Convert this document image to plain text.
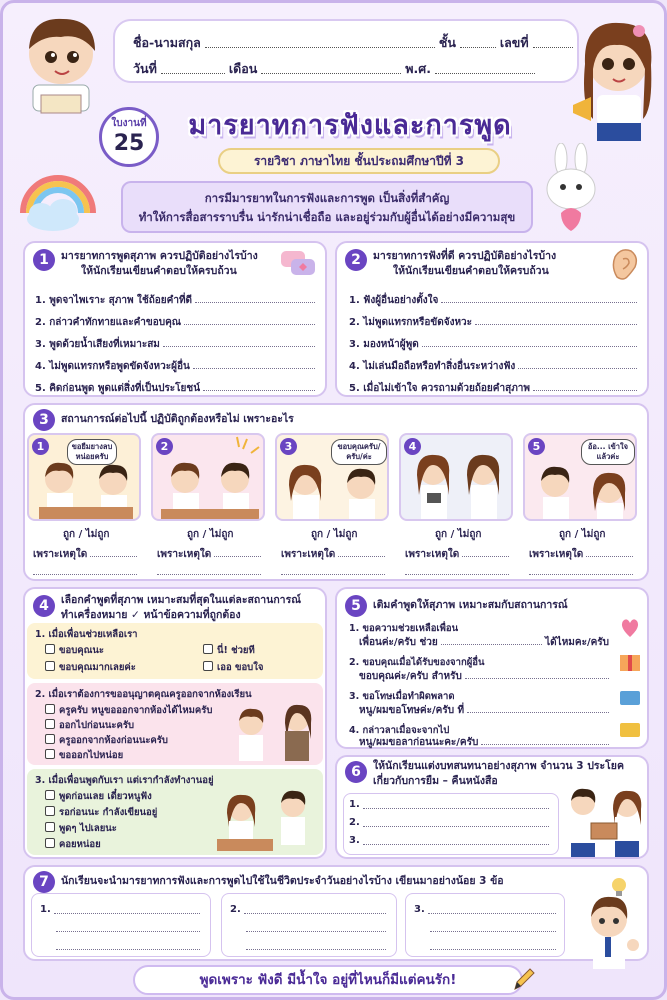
ชื่อ-นามสกุล	ชั้น	เลขที่
วันที่	เดือน	พ.ศ.
ใบงานที่
25
มารยาทการฟังและการพูด
รายวิชา ภาษาไทย ชั้นประถมศึกษาปีที่ 3
การมีมารยาทในการฟังและการพูด เป็นสิ่งที่สำคัญ
ทำให้การสื่อสารราบรื่น น่ารักน่าเชื่อถือ และอยู่ร่วมกับผู้อื่นได้อย่างมีความสุข
1	มารยาทการพูดสุภาพ ควรปฏิบัติอย่างไรบ้าง
ให้นักเรียนเขียนคำตอบให้ครบถ้วน
1. พูดจาไพเราะ สุภาพ ใช้ถ้อยคำที่ดี
2. กล่าวคำทักทายและคำขอบคุณ
3. พูดด้วยน้ำเสียงที่เหมาะสม
4. ไม่พูดแทรกหรือพูดขัดจังหวะผู้อื่น
5. คิดก่อนพูด พูดแต่สิ่งที่เป็นประโยชน์
2	มารยาทการฟังที่ดี ควรปฏิบัติอย่างไรบ้าง
ให้นักเรียนเขียนคำตอบให้ครบถ้วน
1. ฟังผู้อื่นอย่างตั้งใจ
2. ไม่พูดแทรกหรือขัดจังหวะ
3. มองหน้าผู้พูด
4. ไม่เล่นมือถือหรือทำสิ่งอื่นระหว่างฟัง
5. เมื่อไม่เข้าใจ ควรถามด้วยถ้อยคำสุภาพ
3	สถานการณ์ต่อไปนี้ ปฏิบัติถูกต้องหรือไม่ เพราะอะไร
1	ขอยืมยางลบหน่อยครับ
2	3	ขอบคุณครับ/ครับ/ค่ะ
4	5	อ้อ... เข้าใจแล้วค่ะ
ถูก / ไม่ถูก
เพราะเหตุใด
ถูก / ไม่ถูก
เพราะเหตุใด
ถูก / ไม่ถูก
เพราะเหตุใด
ถูก / ไม่ถูก
เพราะเหตุใด
ถูก / ไม่ถูก
เพราะเหตุใด
4	เลือกคำพูดที่สุภาพ เหมาะสมที่สุดในแต่ละสถานการณ์
ทำเครื่องหมาย ✓ หน้าข้อความที่ถูกต้อง
1. เมื่อเพื่อนช่วยเหลือเรา
ขอบคุณนะ	นี่! ช่วยที
ขอบคุณมากเลยค่ะ	เออ ขอบใจ
2. เมื่อเราต้องการขออนุญาตคุณครูออกจากห้องเรียน
ครูครับ หนูขอออกจากห้องได้ไหมครับ
ออกไปก่อนนะครับ
ครูออกจากห้องก่อนนะครับ
ขอออกไปหน่อย
3. เมื่อเพื่อนพูดกับเรา แต่เรากำลังทำงานอยู่
พูดก่อนเลย เดี๋ยวหนูฟัง
รอก่อนนะ กำลังเขียนอยู่
พูดๆ ไปเลยนะ
คอยหน่อย
5	เติมคำพูดให้สุภาพ เหมาะสมกับสถานการณ์
1. ขอความช่วยเหลือเพื่อน
เพื่อนค่ะ/ครับ ช่วย	ได้ไหมคะ/ครับ
2. ขอบคุณเมื่อได้รับของจากผู้อื่น
ขอบคุณค่ะ/ครับ สำหรับ
3. ขอโทษเมื่อทำผิดพลาด
หนู/ผมขอโทษค่ะ/ครับ ที่
4. กล่าวลาเมื่อจะจากไป
หนู/ผมขอลาก่อนนะคะ/ครับ
6	ให้นักเรียนแต่งบทสนทนาอย่างสุภาพ จำนวน 3 ประโยค
เกี่ยวกับการยืม – คืนหนังสือ
1.
2.
3.
7	นักเรียนจะนำมารยาทการฟังและการพูดไปใช้ในชีวิตประจำวันอย่างไรบ้าง เขียนมาอย่างน้อย 3 ข้อ
1.	2.	3.
พูดเพราะ ฟังดี มีน้ำใจ อยู่ที่ไหนก็มีแต่คนรัก!
